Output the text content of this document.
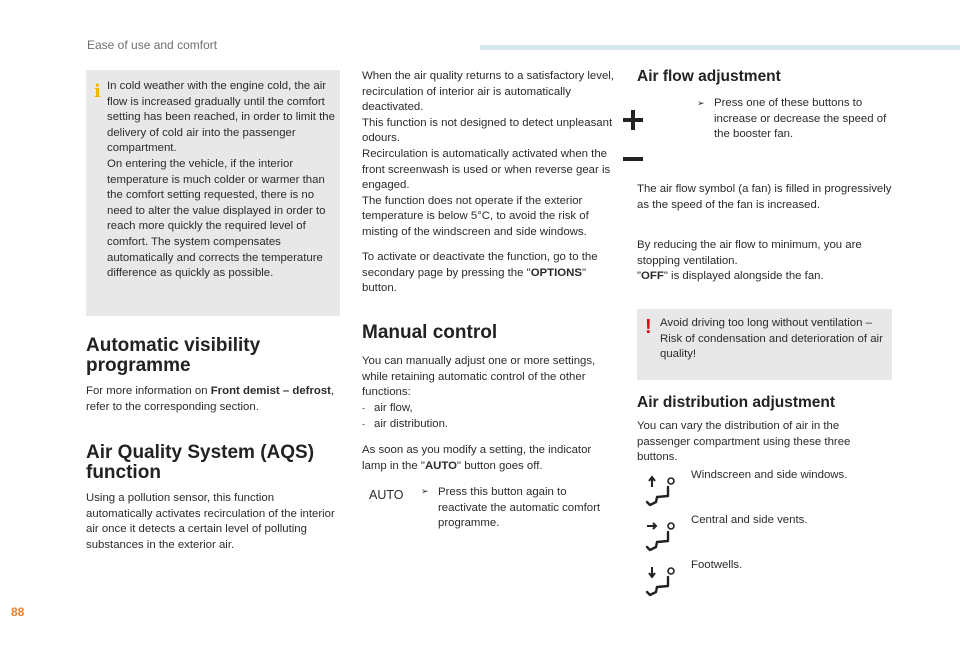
Ease of use and comfort
i In cold weather with the engine cold, the air flow is increased gradually until the comfort setting has been reached, in order to limit the delivery of cold air into the passenger compartment.
On entering the vehicle, if the interior temperature is much colder or warmer than the comfort setting requested, there is no need to alter the value displayed in order to reach more quickly the required level of comfort. The system compensates automatically and corrects the temperature difference as quickly as possible.
Automatic visibility programme

For more information on Front demist – defrost, refer to the corresponding section.

Air Quality System (AQS) function

Using a pollution sensor, this function automatically activates recirculation of the interior air once it detects a certain level of polluting substances in the exterior air.

When the air quality returns to a satisfactory level, recirculation of interior air is automatically deactivated.
This function is not designed to detect unpleasant odours.
Recirculation is automatically activated when the front screenwash is used or when reverse gear is engaged.
The function does not operate if the exterior temperature is below 5°C, to avoid the risk of misting of the windscreen and side windows.

To activate or deactivate the function, go to the secondary page by pressing the "OPTIONS" button.

Manual control

You can manually adjust one or more settings, while retaining automatic control of the other functions:

- air flow,
- air distribution.

As soon as you modify a setting, the indicator lamp in the "AUTO" button goes off.

AUTO ➢ Press this button again to reactivate the automatic comfort programme.

Air flow adjustment
➢ Press one of these buttons to increase or decrease the speed of the booster fan.

The air flow symbol (a fan) is filled in progressively as the speed of the fan is increased.

By reducing the air flow to minimum, you are stopping ventilation.

"OFF" is displayed alongside the fan.

! Avoid driving too long without ventilation – Risk of condensation and deterioration of air quality!
Air distribution adjustment

You can vary the distribution of air in the passenger compartment using these three buttons.

Windscreen and side windows.

Central and side vents.

Footwells.

88
